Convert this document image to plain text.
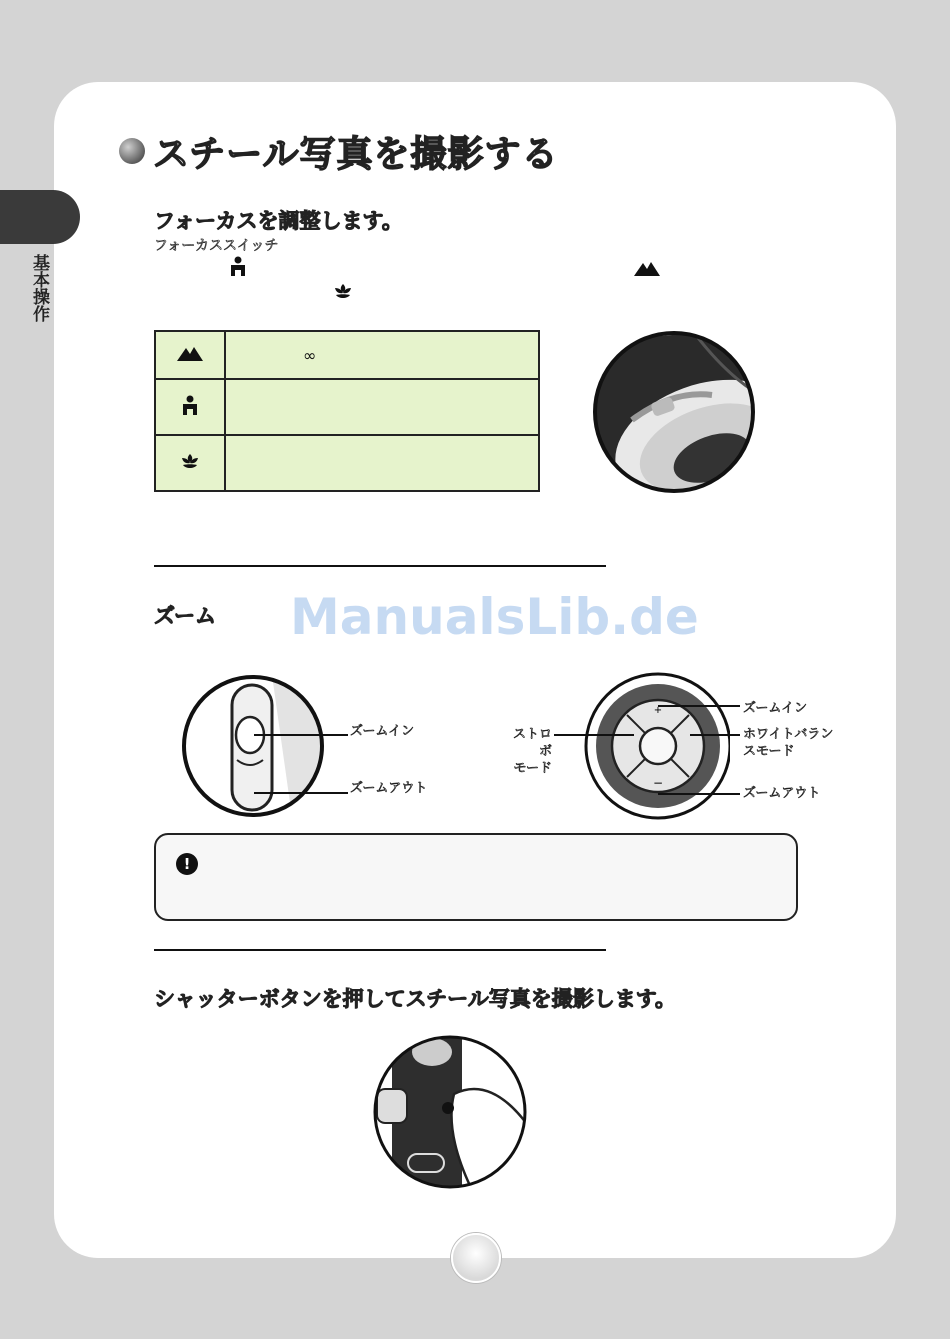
基本操作
スチール写真を撮影する
フォーカスを調整します。
フォーカススイッチ
	∞

ズーム ManualsLib.de
ズームイン
ズームアウト
+
−
ズームイン
ストロボ
モード
ホワイトバラン
スモード
ズームアウト
!
シャッターボタンを押してスチール写真を撮影します。
